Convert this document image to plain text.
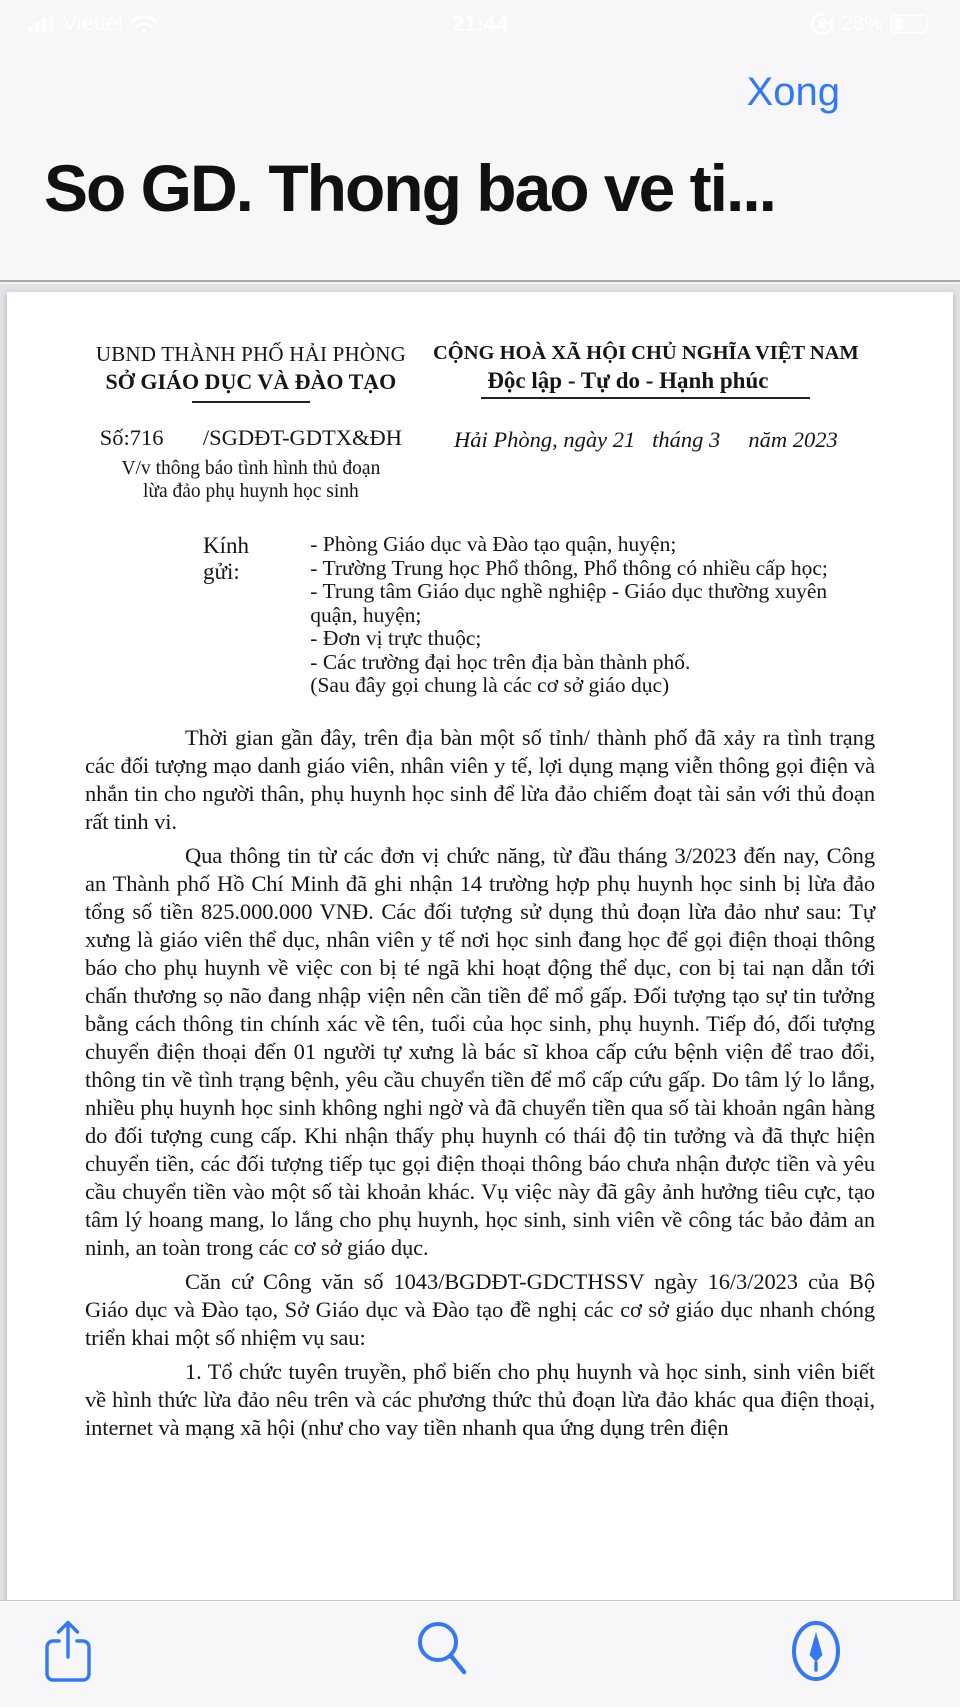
Viettel	21:44	28%
Xong
So GD. Thong bao ve ti...
UBND THÀNH PHỐ HẢI PHÒNG
SỞ GIÁO DỤC VÀ ĐÀO TẠO
CỘNG HOÀ XÃ HỘI CHỦ NGHĨA VIỆT NAM
Độc lập - Tự do - Hạnh phúc
Số:716       /SGDĐT-GDTX&ĐH
V/v thông báo tình hình thủ đoạn
lừa đảo phụ huynh học sinh
Hải Phòng, ngày 21   tháng 3     năm 2023
Kính gửi:
- Phòng Giáo dục và Đào tạo quận, huyện;
- Trường Trung học Phổ thông, Phổ thông có nhiều cấp học;
- Trung tâm Giáo dục nghề nghiệp - Giáo dục thường xuyên
quận, huyện;
- Đơn vị trực thuộc;
- Các trường đại học trên địa bàn thành phố.
(Sau đây gọi chung là các cơ sở giáo dục)

Thời gian gần đây, trên địa bàn một số tỉnh/ thành phố đã xảy ra tình trạng các đối tượng mạo danh giáo viên, nhân viên y tế, lợi dụng mạng viễn thông gọi điện và nhắn tin cho người thân, phụ huynh học sinh để lừa đảo chiếm đoạt tài sản với thủ đoạn rất tinh vi.

Qua thông tin từ các đơn vị chức năng, từ đầu tháng 3/2023 đến nay, Công an Thành phố Hồ Chí Minh đã ghi nhận 14 trường hợp phụ huynh học sinh bị lừa đảo tổng số tiền 825.000.000 VNĐ. Các đối tượng sử dụng thủ đoạn lừa đảo như sau: Tự xưng là giáo viên thể dục, nhân viên y tế nơi học sinh đang học để gọi điện thoại thông báo cho phụ huynh về việc con bị té ngã khi hoạt động thể dục, con bị tai nạn dẫn tới chấn thương sọ não đang nhập viện nên cần tiền để mổ gấp. Đối tượng tạo sự tin tưởng bằng cách thông tin chính xác về tên, tuổi của học sinh, phụ huynh. Tiếp đó, đối tượng chuyển điện thoại đến 01 người tự xưng là bác sĩ khoa cấp cứu bệnh viện để trao đổi, thông tin về tình trạng bệnh, yêu cầu chuyển tiền để mổ cấp cứu gấp. Do tâm lý lo lắng, nhiều phụ huynh học sinh không nghi ngờ và đã chuyển tiền qua số tài khoản ngân hàng do đối tượng cung cấp. Khi nhận thấy phụ huynh có thái độ tin tưởng và đã thực hiện chuyển tiền, các đối tượng tiếp tục gọi điện thoại thông báo chưa nhận được tiền và yêu cầu chuyển tiền vào một số tài khoản khác. Vụ việc này đã gây ảnh hưởng tiêu cực, tạo tâm lý hoang mang, lo lắng cho phụ huynh, học sinh, sinh viên về công tác bảo đảm an ninh, an toàn trong các cơ sở giáo dục.

Căn cứ Công văn số 1043/BGDĐT-GDCTHSSV ngày 16/3/2023 của Bộ Giáo dục và Đào tạo, Sở Giáo dục và Đào tạo đề nghị các cơ sở giáo dục nhanh chóng triển khai một số nhiệm vụ sau:

1. Tổ chức tuyên truyền, phổ biến cho phụ huynh và học sinh, sinh viên biết về hình thức lừa đảo nêu trên và các phương thức thủ đoạn lừa đảo khác qua điện thoại, internet và mạng xã hội (như cho vay tiền nhanh qua ứng dụng trên điện
